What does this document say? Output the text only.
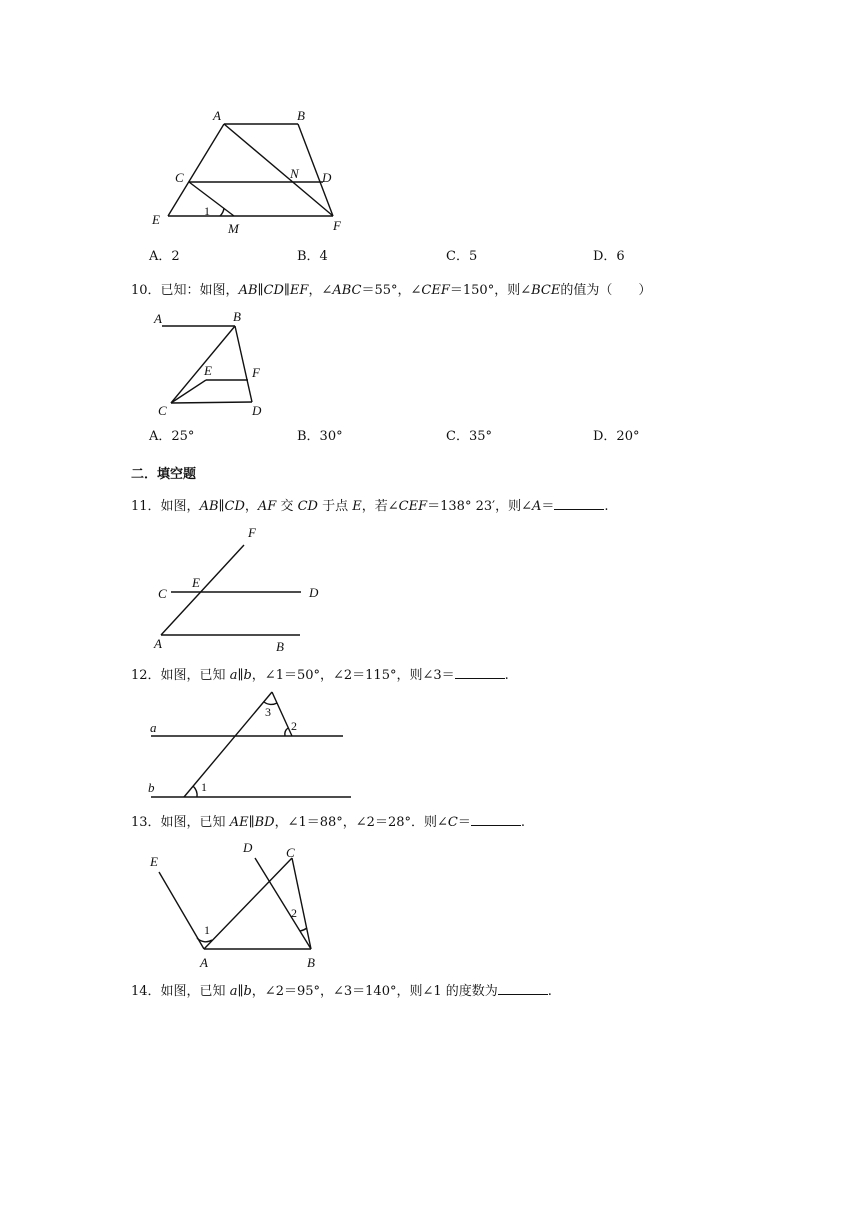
A	B
C	D
E	F
M
N
1
A．2	B．4	C．5	D．6
10．已知：如图，AB∥CD∥EF，∠ABC＝55°，∠CEF＝150°，则∠BCE的值为（　　）
A	B
E	F
C	D
A．25°	B．30°	C．35°	D．20°
二．填空题
11．如图，AB∥CD，AF 交 CD 于点 E，若∠CEF＝138° 23′，则∠A＝	.
F
E
C	D
A	B
12．如图，已知 a∥b，∠1＝50°，∠2＝115°，则∠3＝	.
a
b	1
2
3
13．如图，已知 AE∥BD，∠1＝88°，∠2＝28°．则∠C＝	.
E
D	C
A	B
1
2
14．如图，已知 a∥b，∠2＝95°，∠3＝140°，则∠1 的度数为	.
